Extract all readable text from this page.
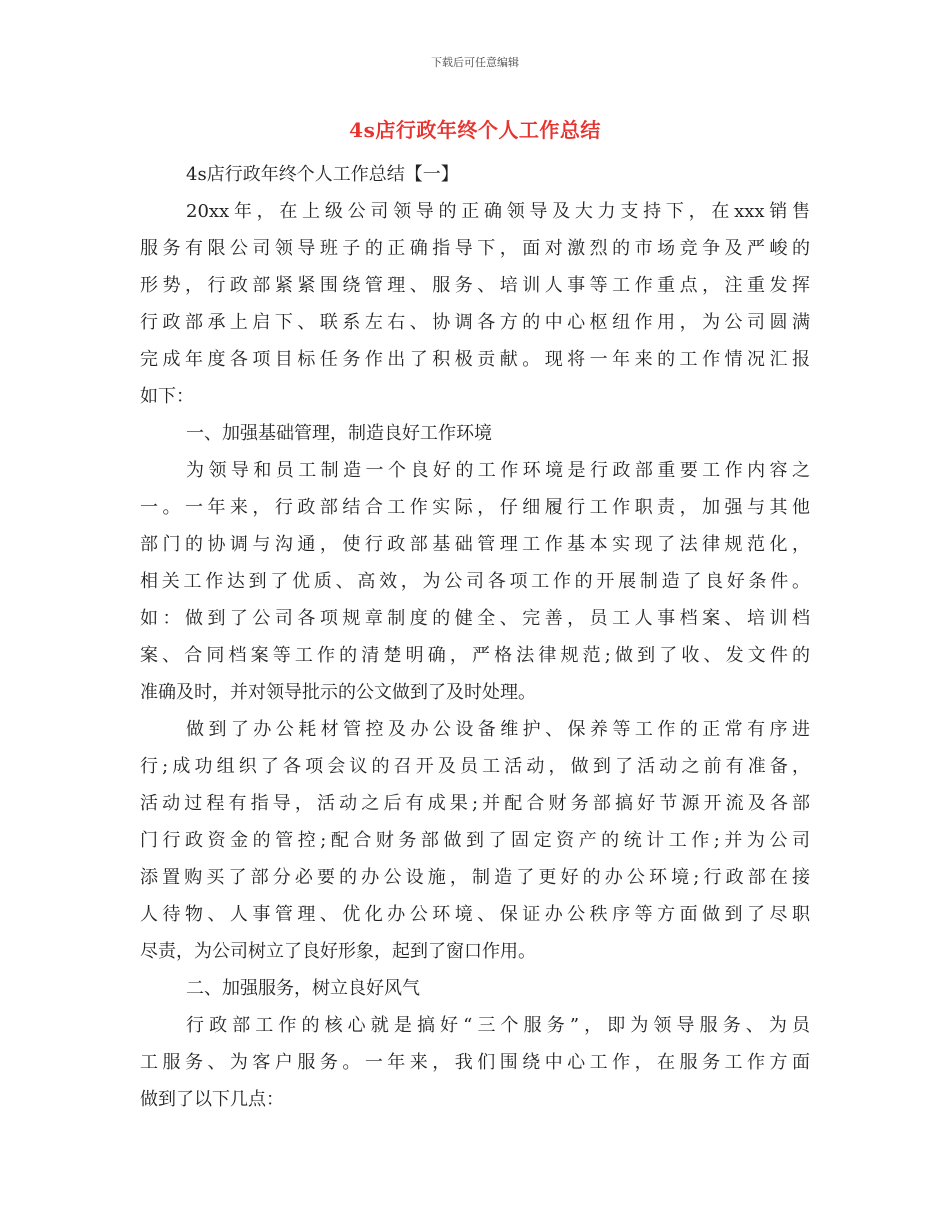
下载后可任意编辑
4s店行政年终个人工作总结
4s店行政年终个人工作总结【一】
20xx年，在上级公司领导的正确领导及大力支持下，在xxx销售
服务有限公司领导班子的正确指导下，面对激烈的市场竞争及严峻的
形势，行政部紧紧围绕管理、服务、培训人事等工作重点，注重发挥
行政部承上启下、联系左右、协调各方的中心枢纽作用，为公司圆满
完成年度各项目标任务作出了积极贡献。现将一年来的工作情况汇报
如下：
一、加强基础管理，制造良好工作环境
为领导和员工制造一个良好的工作环境是行政部重要工作内容之
一。一年来，行政部结合工作实际，仔细履行工作职责，加强与其他
部门的协调与沟通，使行政部基础管理工作基本实现了法律规范化，
相关工作达到了优质、高效，为公司各项工作的开展制造了良好条件。
如：做到了公司各项规章制度的健全、完善，员工人事档案、培训档
案、合同档案等工作的清楚明确，严格法律规范;做到了收、发文件的
准确及时，并对领导批示的公文做到了及时处理。
做到了办公耗材管控及办公设备维护、保养等工作的正常有序进
行;成功组织了各项会议的召开及员工活动，做到了活动之前有准备，
活动过程有指导，活动之后有成果;并配合财务部搞好节源开流及各部
门行政资金的管控;配合财务部做到了固定资产的统计工作;并为公司
添置购买了部分必要的办公设施，制造了更好的办公环境;行政部在接
人待物、人事管理、优化办公环境、保证办公秩序等方面做到了尽职
尽责，为公司树立了良好形象，起到了窗口作用。
二、加强服务，树立良好风气
行政部工作的核心就是搞好“三个服务”，即为领导服务、为员
工服务、为客户服务。一年来，我们围绕中心工作，在服务工作方面
做到了以下几点：
